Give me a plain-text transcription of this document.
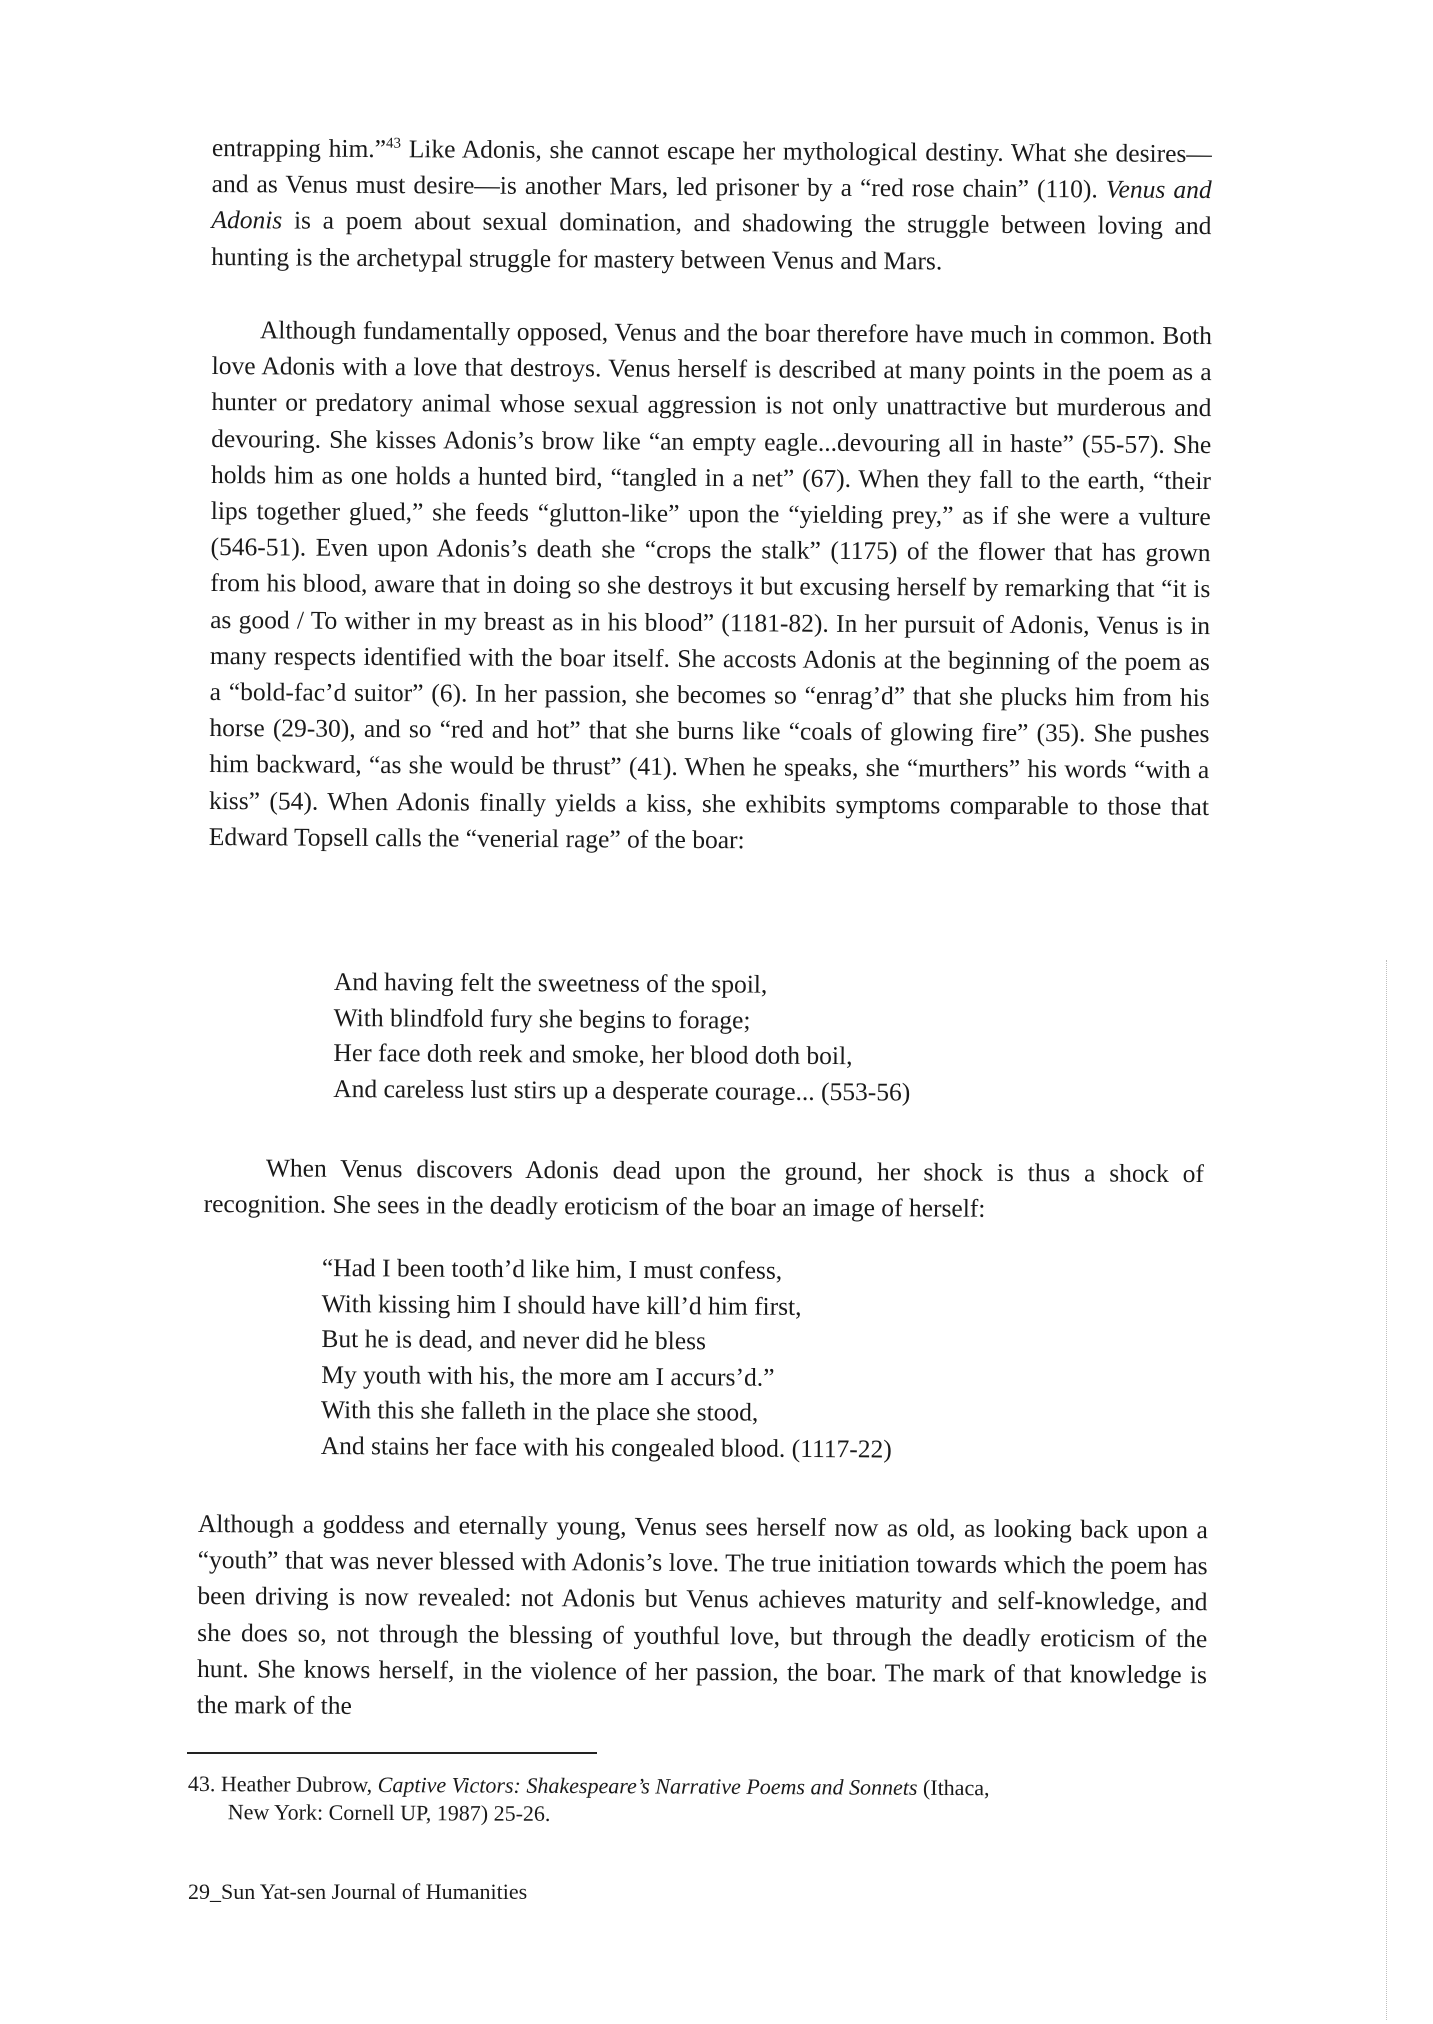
entrapping him.”$^{43}$ Like Adonis, she cannot escape her mythological destiny. What she desires—and as Venus must desire—is another Mars, led prisoner by a “red rose chain” (110). Venus and Adonis is a poem about sexual domination, and shadowing the struggle between loving and hunting is the archetypal struggle for mastery between Venus and Mars.

Although fundamentally opposed, Venus and the boar therefore have much in common. Both love Adonis with a love that destroys. Venus herself is described at many points in the poem as a hunter or predatory animal whose sexual aggression is not only unattractive but murderous and devouring. She kisses Adonis’s brow like “an empty eagle...devouring all in haste” (55-57). She holds him as one holds a hunted bird, “tangled in a net” (67). When they fall to the earth, “their lips together glued,” she feeds “glutton-like” upon the “yielding prey,” as if she were a vulture (546-51). Even upon Adonis’s death she “crops the stalk” (1175) of the flower that has grown from his blood, aware that in doing so she destroys it but excusing herself by remarking that “it is as good / To wither in my breast as in his blood” (1181-82). In her pursuit of Adonis, Venus is in many respects identified with the boar itself. She accosts Adonis at the beginning of the poem as a “bold-fac’d suitor” (6). In her passion, she becomes so “enrag’d” that she plucks him from his horse (29-30), and so “red and hot” that she burns like “coals of glowing fire” (35). She pushes him backward, “as she would be thrust” (41). When he speaks, she “murthers” his words “with a kiss” (54). When Adonis finally yields a kiss, she exhibits symptoms comparable to those that Edward Topsell calls the “venerial rage” of the boar:

And having felt the sweetness of the spoil,
With blindfold fury she begins to forage;
Her face doth reek and smoke, her blood doth boil,
And careless lust stirs up a desperate courage... (553-56)

When Venus discovers Adonis dead upon the ground, her shock is thus a shock of recognition. She sees in the deadly eroticism of the boar an image of herself:

“Had I been tooth’d like him, I must confess,
With kissing him I should have kill’d him first,
But he is dead, and never did he bless
My youth with his, the more am I accurs’d.”
With this she falleth in the place she stood,
And stains her face with his congealed blood. (1117-22)

Although a goddess and eternally young, Venus sees herself now as old, as looking back upon a “youth” that was never blessed with Adonis’s love. The true initiation towards which the poem has been driving is now revealed: not Adonis but Venus achieves maturity and self-knowledge, and she does so, not through the blessing of youthful love, but through the deadly eroticism of the hunt. She knows herself, in the violence of her passion, the boar. The mark of that knowledge is the mark of the

43. Heather Dubrow, Captive Victors: Shakespeare’s Narrative Poems and Sonnets (Ithaca,
New York: Cornell UP, 1987) 25-26.
29_Sun Yat-sen Journal of Humanities
